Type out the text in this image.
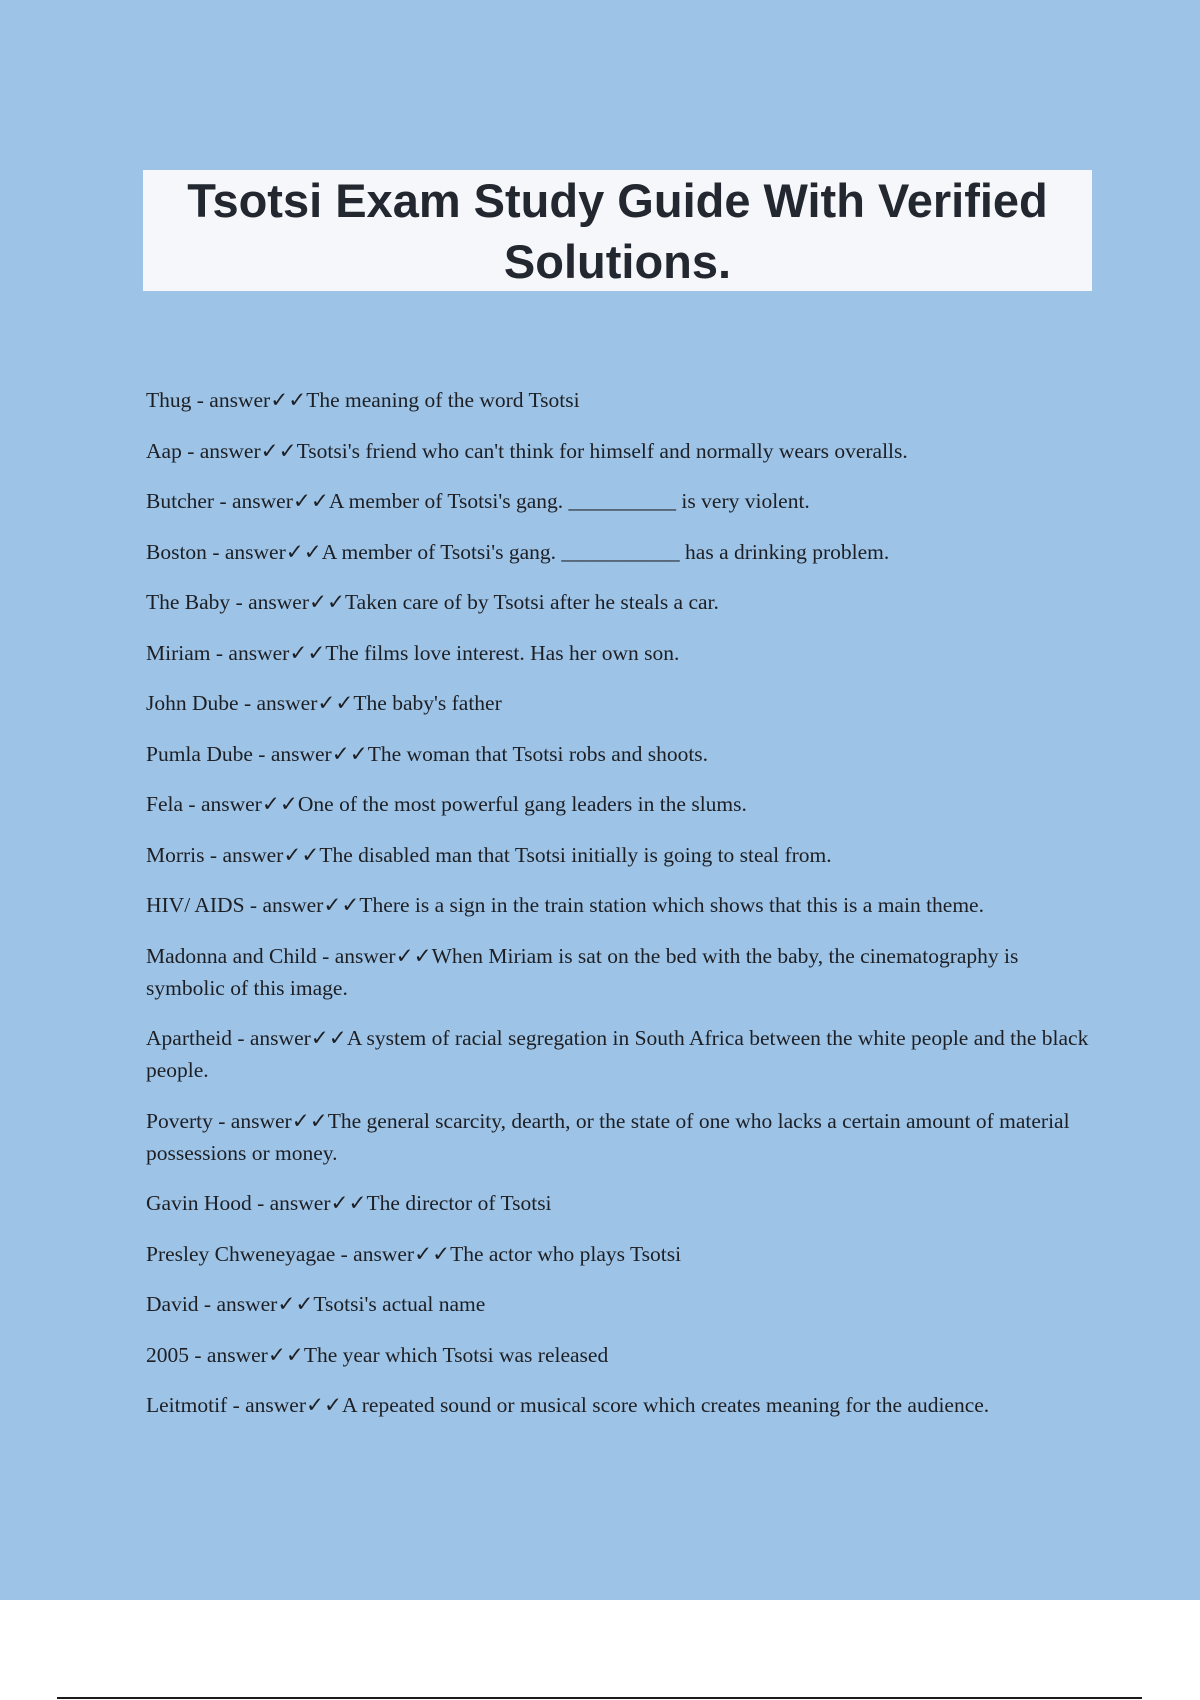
Tsotsi Exam Study Guide With Verified Solutions.
Thug - answer✓✓The meaning of the word Tsotsi
Aap - answer✓✓Tsotsi's friend who can't think for himself and normally wears overalls.
Butcher - answer✓✓A member of Tsotsi's gang. __________ is very violent.
Boston - answer✓✓A member of Tsotsi's gang. ___________ has a drinking problem.
The Baby - answer✓✓Taken care of by Tsotsi after he steals a car.
Miriam - answer✓✓The films love interest. Has her own son.
John Dube - answer✓✓The baby's father
Pumla Dube - answer✓✓The woman that Tsotsi robs and shoots.
Fela - answer✓✓One of the most powerful gang leaders in the slums.
Morris - answer✓✓The disabled man that Tsotsi initially is going to steal from.
HIV/ AIDS - answer✓✓There is a sign in the train station which shows that this is a main theme.
Madonna and Child - answer✓✓When Miriam is sat on the bed with the baby, the cinematography is symbolic of this image.
Apartheid - answer✓✓A system of racial segregation in South Africa between the white people and the black people.
Poverty - answer✓✓The general scarcity, dearth, or the state of one who lacks a certain amount of material possessions or money.
Gavin Hood - answer✓✓The director of Tsotsi
Presley Chweneyagae - answer✓✓The actor who plays Tsotsi
David - answer✓✓Tsotsi's actual name
2005 - answer✓✓The year which Tsotsi was released
Leitmotif - answer✓✓A repeated sound or musical score which creates meaning for the audience.
